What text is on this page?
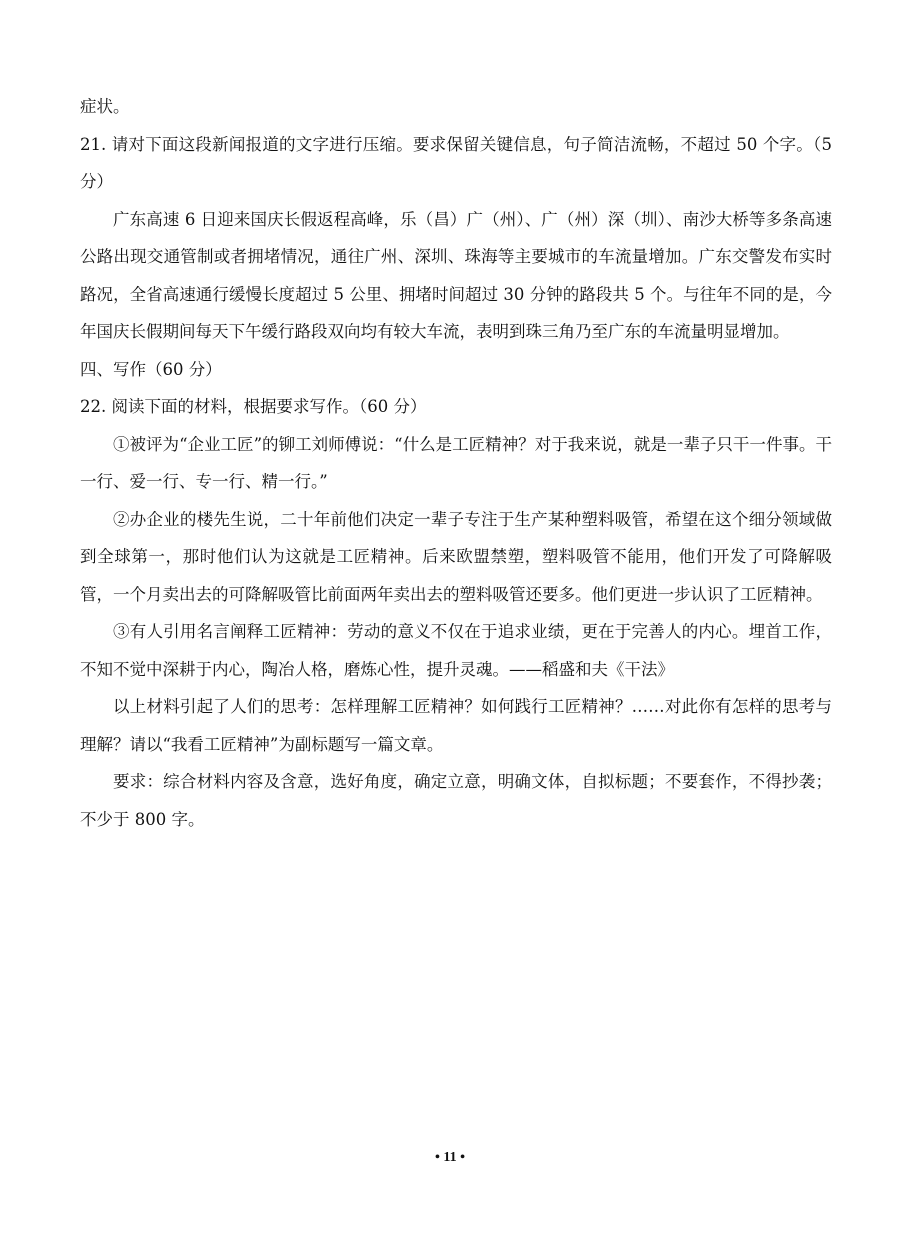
症状。

21. 请对下面这段新闻报道的文字进行压缩。要求保留关键信息，句子简洁流畅，不超过 50 个字。（5 分）

广东高速 6 日迎来国庆长假返程高峰，乐（昌）广（州）、广（州）深（圳）、南沙大桥等多条高速公路出现交通管制或者拥堵情况，通往广州、深圳、珠海等主要城市的车流量增加。广东交警发布实时路况，全省高速通行缓慢长度超过 5 公里、拥堵时间超过 30 分钟的路段共 5 个。与往年不同的是，今年国庆长假期间每天下午缓行路段双向均有较大车流，表明到珠三角乃至广东的车流量明显增加。

四、写作（60 分）

22. 阅读下面的材料，根据要求写作。（60 分）

①被评为“企业工匠”的铆工刘师傅说：“什么是工匠精神？对于我来说，就是一辈子只干一件事。干一行、爱一行、专一行、精一行。”

②办企业的楼先生说，二十年前他们决定一辈子专注于生产某种塑料吸管，希望在这个细分领域做到全球第一，那时他们认为这就是工匠精神。后来欧盟禁塑，塑料吸管不能用，他们开发了可降解吸管，一个月卖出去的可降解吸管比前面两年卖出去的塑料吸管还要多。他们更进一步认识了工匠精神。

③有人引用名言阐释工匠精神：劳动的意义不仅在于追求业绩，更在于完善人的内心。埋首工作，不知不觉中深耕于内心，陶冶人格，磨炼心性，提升灵魂。——稻盛和夫《干法》

以上材料引起了人们的思考：怎样理解工匠精神？如何践行工匠精神？……对此你有怎样的思考与理解？请以“我看工匠精神”为副标题写一篇文章。

要求：综合材料内容及含意，选好角度，确定立意，明确文体，自拟标题；不要套作，不得抄袭；不少于 800 字。

• 11 •
